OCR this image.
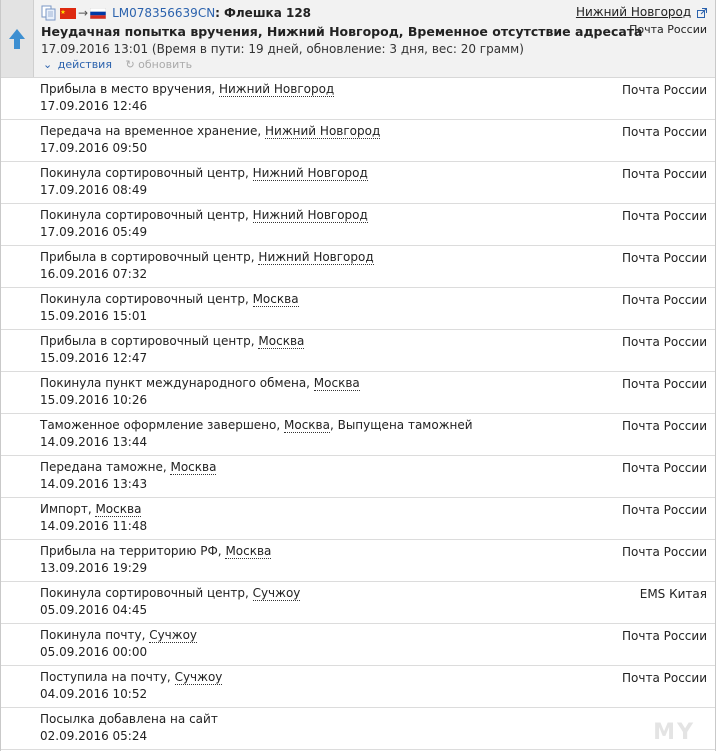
→ LM078356639CN : Флешка 128
Неудачная попытка вручения, Нижний Новгород, Временное отсутствие адресата
17.09.2016 13:01 (Время в пути: 19 дней, обновление: 3 дня, вес: 20 грамм)
⌄ действия ↻ обновить
Нижний Новгород
Почта России
Прибыла в место вручения, Нижний Новгород
17.09.2016 12:46
Почта России
Передача на временное хранение, Нижний Новгород
17.09.2016 09:50
Почта России
Покинула сортировочный центр, Нижний Новгород
17.09.2016 08:49
Почта России
Покинула сортировочный центр, Нижний Новгород
17.09.2016 05:49
Почта России
Прибыла в сортировочный центр, Нижний Новгород
16.09.2016 07:32
Почта России
Покинула сортировочный центр, Москва
15.09.2016 15:01
Почта России
Прибыла в сортировочный центр, Москва
15.09.2016 12:47
Почта России
Покинула пункт международного обмена, Москва
15.09.2016 10:26
Почта России
Таможенное оформление завершено, Москва, Выпущена таможней
14.09.2016 13:44
Почта России
Передана таможне, Москва
14.09.2016 13:43
Почта России
Импорт, Москва
14.09.2016 11:48
Почта России
Прибыла на территорию РФ, Москва
13.09.2016 19:29
Почта России
Покинула сортировочный центр, Сучжоу
05.09.2016 04:45
EMS Китая
Покинула почту, Сучжоу
05.09.2016 00:00
Почта России
Поступила на почту, Сучжоу
04.09.2016 10:52
Почта России
Посылка добавлена на сайт
02.09.2016 05:24	MY
